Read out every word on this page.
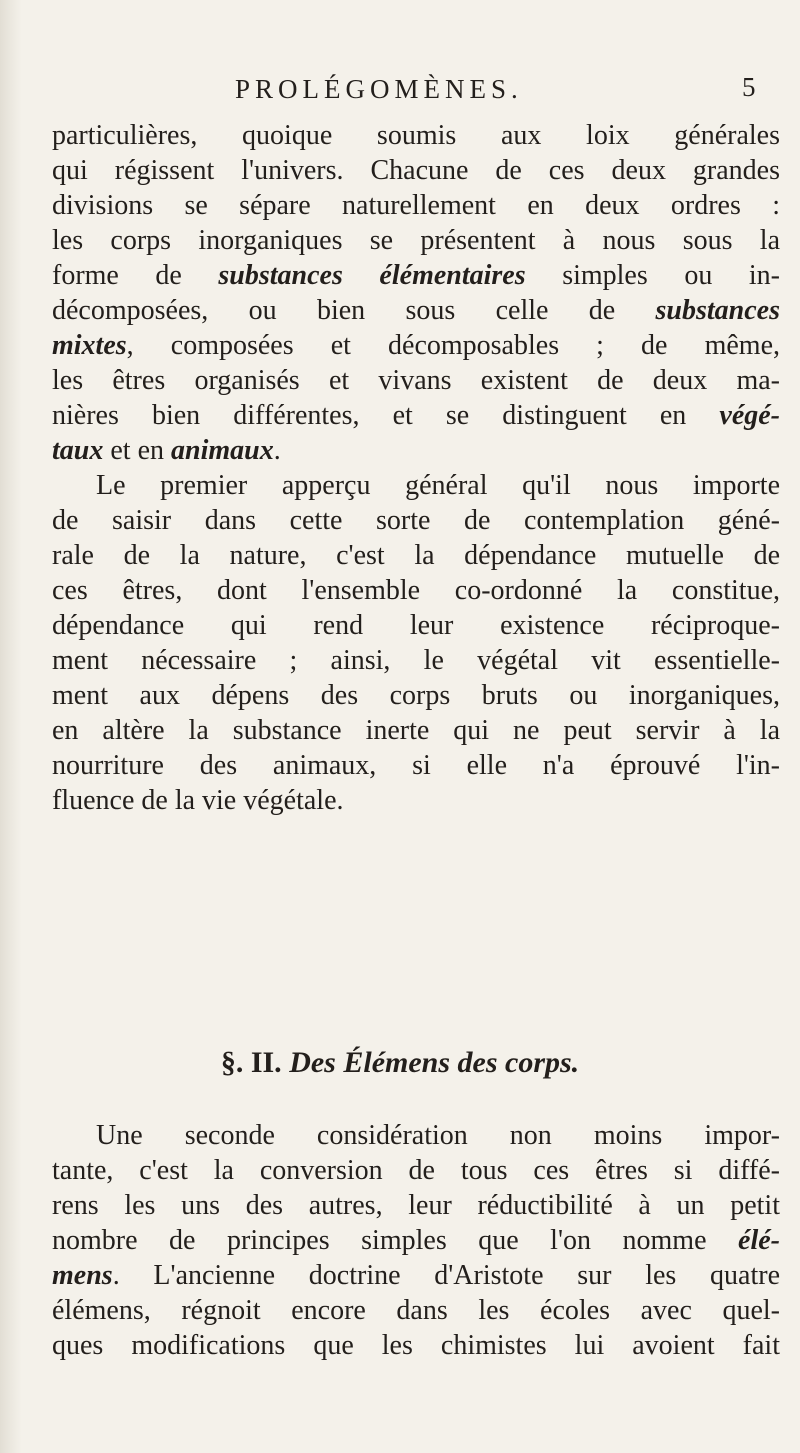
PROLÉGOMÈNES.	5
particulières, quoique soumis aux loix générales
qui régissent l'univers. Chacune de ces deux grandes
divisions se sépare naturellement en deux ordres :
les corps inorganiques se présentent à nous sous la
forme de substances élémentaires simples ou in-
décomposées, ou bien sous celle de substances
mixtes, composées et décomposables ; de même,
les êtres organisés et vivans existent de deux ma-
nières bien différentes, et se distinguent en végé-
taux et en animaux.
Le premier apperçu général qu'il nous importe
de saisir dans cette sorte de contemplation géné-
rale de la nature, c'est la dépendance mutuelle de
ces êtres, dont l'ensemble co-ordonné la constitue,
dépendance qui rend leur existence réciproque-
ment nécessaire ; ainsi, le végétal vit essentielle-
ment aux dépens des corps bruts ou inorganiques,
en altère la substance inerte qui ne peut servir à la
nourriture des animaux, si elle n'a éprouvé l'in-
fluence de la vie végétale.
§. II. Des Élémens des corps.
Une seconde considération non moins impor-
tante, c'est la conversion de tous ces êtres si diffé-
rens les uns des autres, leur réductibilité à un petit
nombre de principes simples que l'on nomme élé-
mens. L'ancienne doctrine d'Aristote sur les quatre
élémens, régnoit encore dans les écoles avec quel-
ques modifications que les chimistes lui avoient fait
